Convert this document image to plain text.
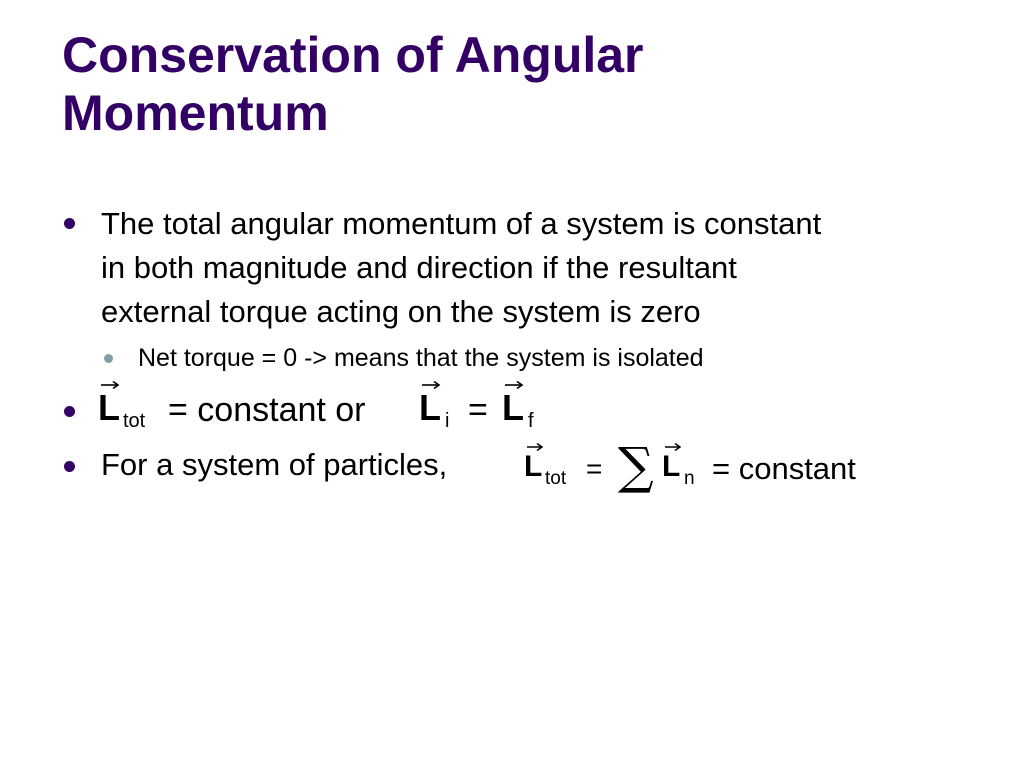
Conservation of Angular
Momentum
The total angular momentum of a system is constant
in both magnitude and direction if the resultant
external torque acting on the system is zero
Net torque = 0 -> means that the system is isolated
L tot = constant or L i = L f
For a system of particles,	L tot = ∑ L n = constant
